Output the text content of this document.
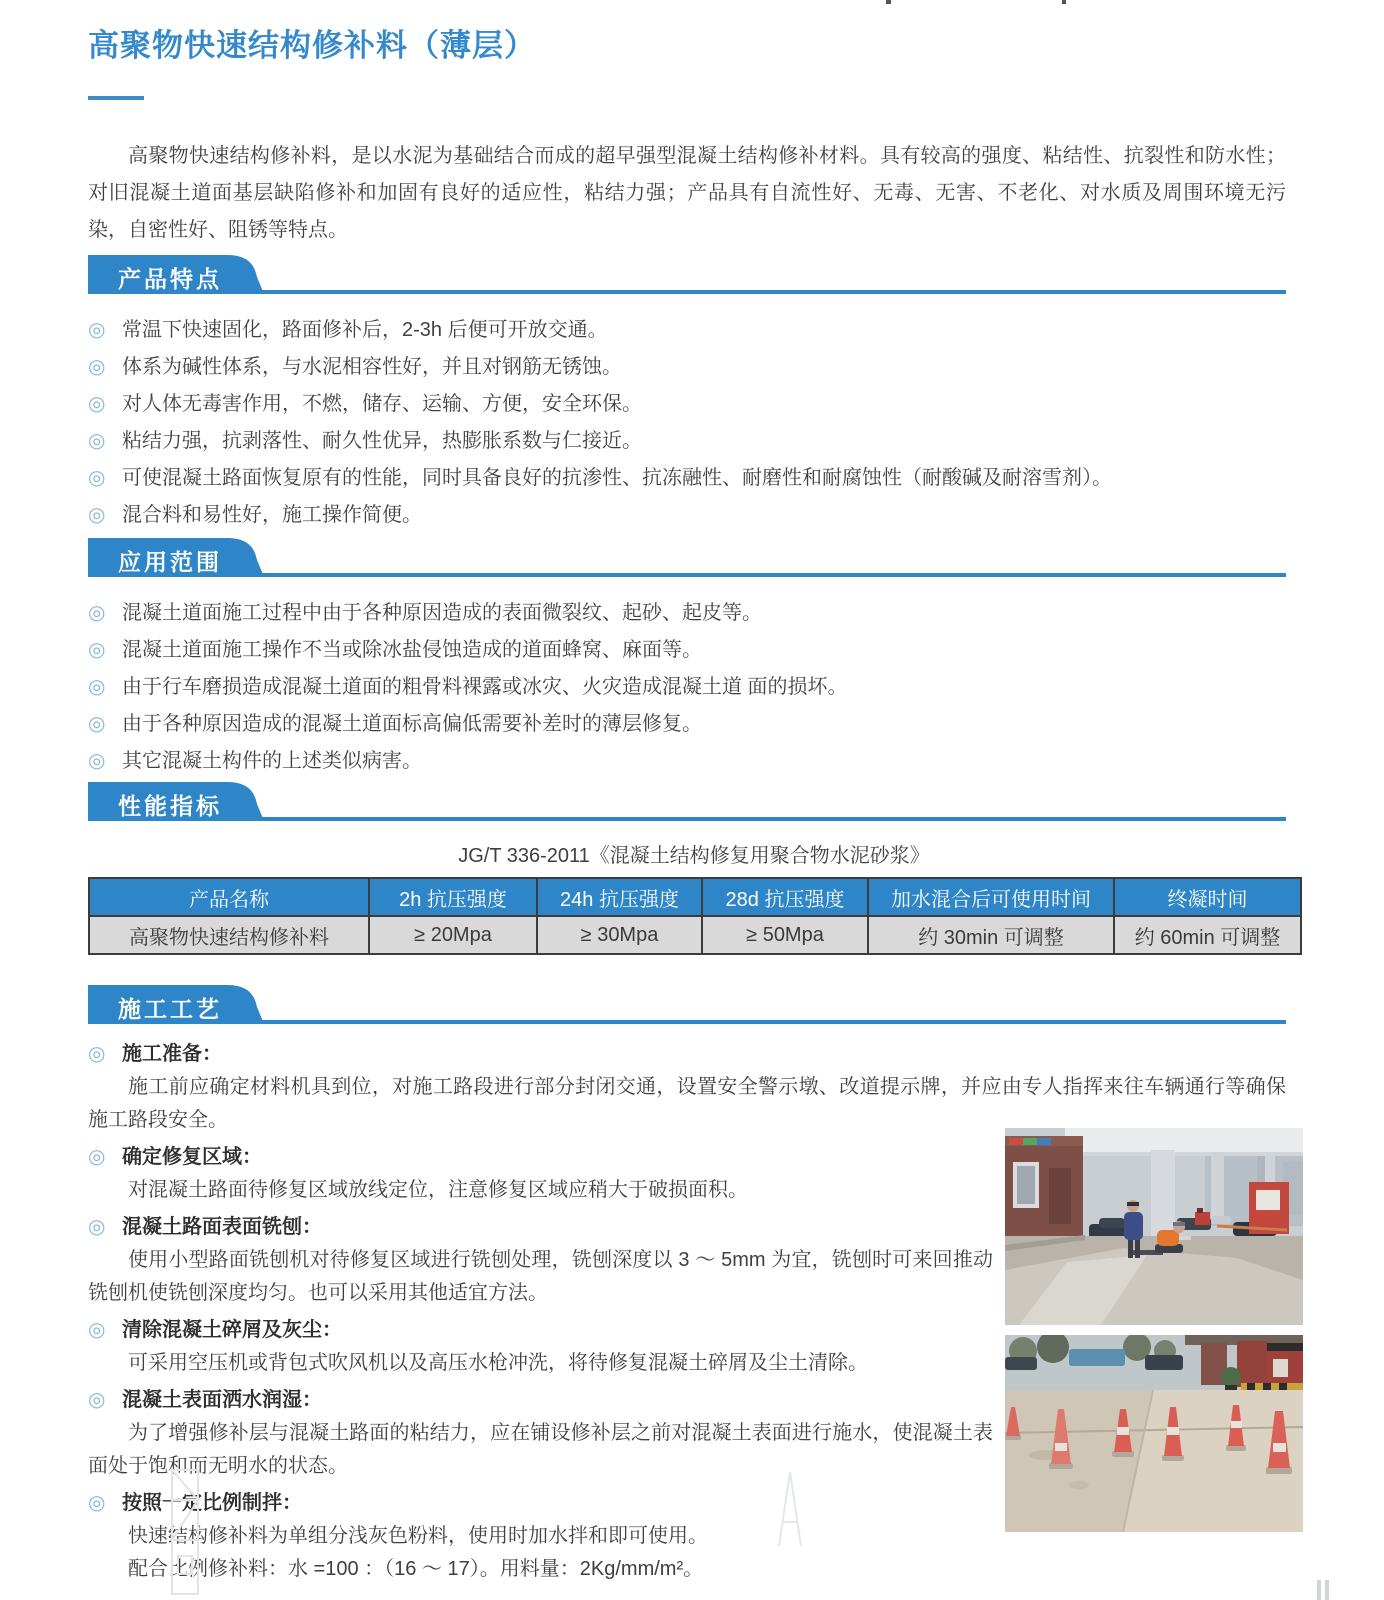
高聚物快速结构修补料（薄层）

高聚物快速结构修补料，是以水泥为基础结合而成的超早强型混凝土结构修补材料。具有较高的强度、粘结性、抗裂性和防水性；对旧混凝土道面基层缺陷修补和加固有良好的适应性，粘结力强；产品具有自流性好、无毒、无害、不老化、对水质及周围环境无污染，自密性好、阻锈等特点。

产品特点
◎ 常温下快速固化，路面修补后，2-3h 后便可开放交通。
◎ 体系为碱性体系，与水泥相容性好，并且对钢筋无锈蚀。
◎ 对人体无毒害作用，不燃，储存、运输、方便，安全环保。
◎ 粘结力强，抗剥落性、耐久性优异，热膨胀系数与仁接近。
◎ 可使混凝土路面恢复原有的性能，同时具备良好的抗渗性、抗冻融性、耐磨性和耐腐蚀性（耐酸碱及耐溶雪剂）。
◎ 混合料和易性好，施工操作简便。
应用范围
◎ 混凝土道面施工过程中由于各种原因造成的表面微裂纹、起砂、起皮等。
◎ 混凝土道面施工操作不当或除冰盐侵蚀造成的道面蜂窝、麻面等。
◎ 由于行车磨损造成混凝土道面的粗骨料裸露或冰灾、火灾造成混凝土道 面的损坏。
◎ 由于各种原因造成的混凝土道面标高偏低需要补差时的薄层修复。
◎ 其它混凝土构件的上述类似病害。
性能指标

JG/T 336-2011《混凝土结构修复用聚合物水泥砂浆》

产品名称	2h 抗压强度	24h 抗压强度	28d 抗压强度	加水混合后可使用时间	终凝时间
高聚物快速结构修补料	≥ 20Mpa	≥ 30Mpa	≥ 50Mpa	约 30min 可调整	约 60min 可调整
施工工艺

◎ 施工准备：

施工前应确定材料机具到位，对施工路段进行部分封闭交通，设置安全警示墩、改道提示牌，并应由专人指挥来往车辆通行等确保施工路段安全。

◎ 确定修复区域：

对混凝土路面待修复区域放线定位，注意修复区域应稍大于破损面积。

◎ 混凝土路面表面铣刨：

使用小型路面铣刨机对待修复区域进行铣刨处理，铣刨深度以 3 ～ 5mm 为宜，铣刨时可来回推动铣刨机使铣刨深度均匀。也可以采用其他适宜方法。

◎ 清除混凝土碎屑及灰尘：

可采用空压机或背包式吹风机以及高压水枪冲洗，将待修复混凝土碎屑及尘土清除。

◎ 混凝土表面洒水润湿：

为了增强修补层与混凝土路面的粘结力，应在铺设修补层之前对混凝土表面进行施水，使混凝土表面处于饱和而无明水的状态。

◎ 按照一定比例制拌：

快速结构修补料为单组分浅灰色粉料，使用时加水拌和即可使用。

配合比例修补料：水 =100 ：（16 ～ 17）。用料量：2Kg/mm/m²。
